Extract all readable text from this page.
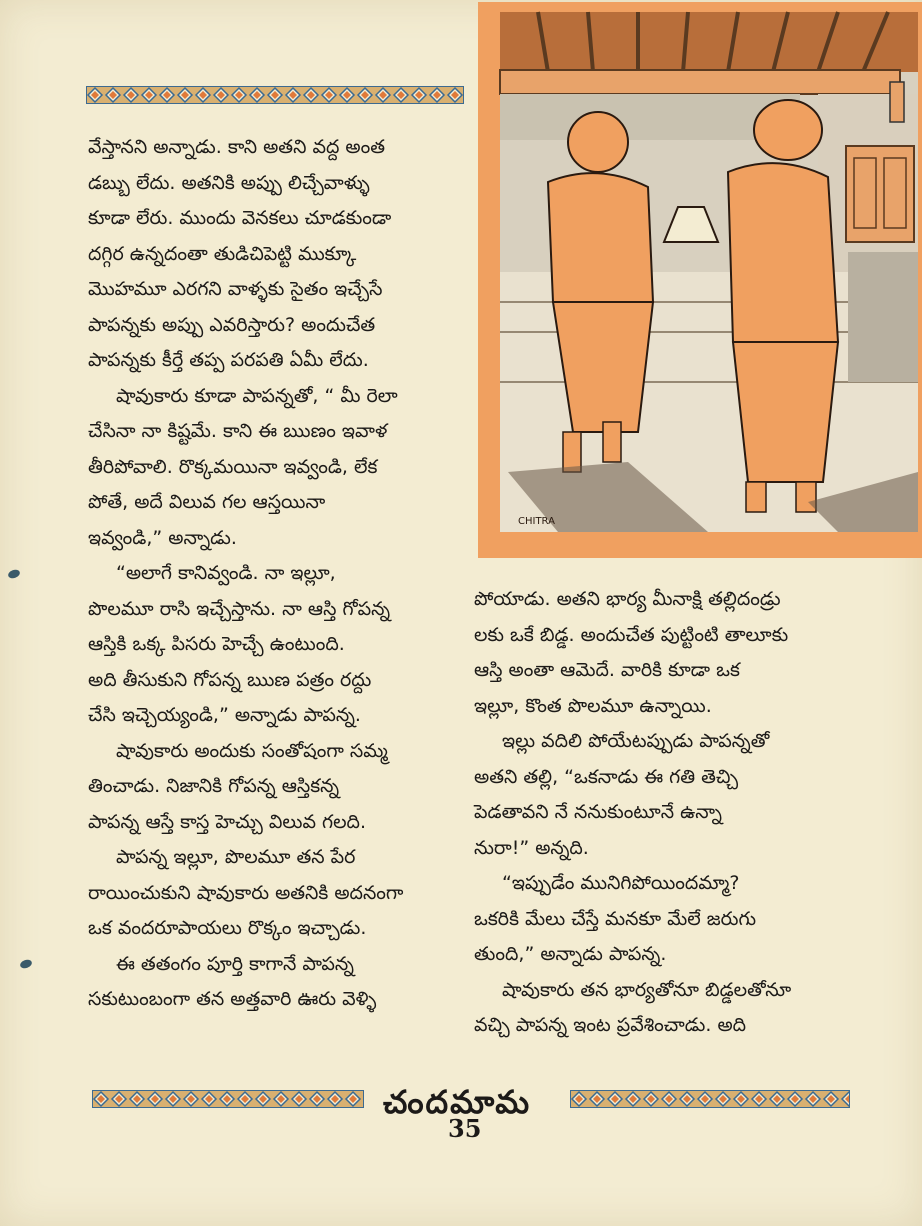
CHITRA

వేస్తానని అన్నాడు. కాని అతని వద్ద అంత

డబ్బు లేదు. అతనికి అప్పు లిచ్చేవాళ్ళు

కూడా లేరు. ముందు వెనకలు చూడకుండా

దగ్గిర ఉన్నదంతా తుడిచిపెట్టి ముక్కూ

మొహమూ ఎరగని వాళ్ళకు సైతం ఇచ్చేసే

పాపన్నకు అప్పు ఎవరిస్తారు? అందుచేత

పాపన్నకు కీర్తే తప్ప పరపతి ఏమీ లేదు.

షావుకారు కూడా పాపన్నతో, “ మీ రెలా

చేసినా నా కిష్టమే. కాని ఈ ఋణం ఇవాళ

తీరిపోవాలి. రొక్కమయినా ఇవ్వండి, లేక

పోతే, అదే విలువ గల ఆస్తయినా

ఇవ్వండి,” అన్నాడు.

“అలాగే కానివ్వండి. నా ఇల్లూ,

పొలమూ రాసి ఇచ్చేస్తాను. నా ఆస్తి గోపన్న

ఆస్తికి ఒక్క పిసరు హెచ్చే ఉంటుంది.

అది తీసుకుని గోపన్న ఋణ పత్రం రద్దు

చేసి ఇచ్చెయ్యండి,” అన్నాడు పాపన్న.

షావుకారు అందుకు సంతోషంగా సమ్మ

తించాడు. నిజానికి గోపన్న ఆస్తికన్న

పాపన్న ఆస్తే కాస్త హెచ్చు విలువ గలది.

పాపన్న ఇల్లూ, పొలమూ తన పేర

రాయించుకుని షావుకారు అతనికి అదనంగా

ఒక వందరూపాయలు రొక్కం ఇచ్చాడు.

ఈ తతంగం పూర్తి కాగానే పాపన్న

సకుటుంబంగా తన అత్తవారి ఊరు వెళ్ళి

పోయాడు. అతని భార్య మీనాక్షి తల్లిదండ్రు

లకు ఒకే బిడ్డ. అందుచేత పుట్టింటి తాలూకు

ఆస్తి అంతా ఆమెదే. వారికి కూడా ఒక

ఇల్లూ, కొంత పొలమూ ఉన్నాయి.

ఇల్లు వదిలి పోయేటప్పుడు పాపన్నతో

అతని తల్లి, “ఒకనాడు ఈ గతి తెచ్చి

పెడతావని నే ననుకుంటూనే ఉన్నా

నురా!” అన్నది.

“ఇప్పుడేం మునిగిపోయిందమ్మా?

ఒకరికి మేలు చేస్తే మనకూ మేలే జరుగు

తుంది,” అన్నాడు పాపన్న.

షావుకారు తన భార్యతోనూ బిడ్డలతోనూ

వచ్చి పాపన్న ఇంట ప్రవేశించాడు. అది

చందమామ
35
